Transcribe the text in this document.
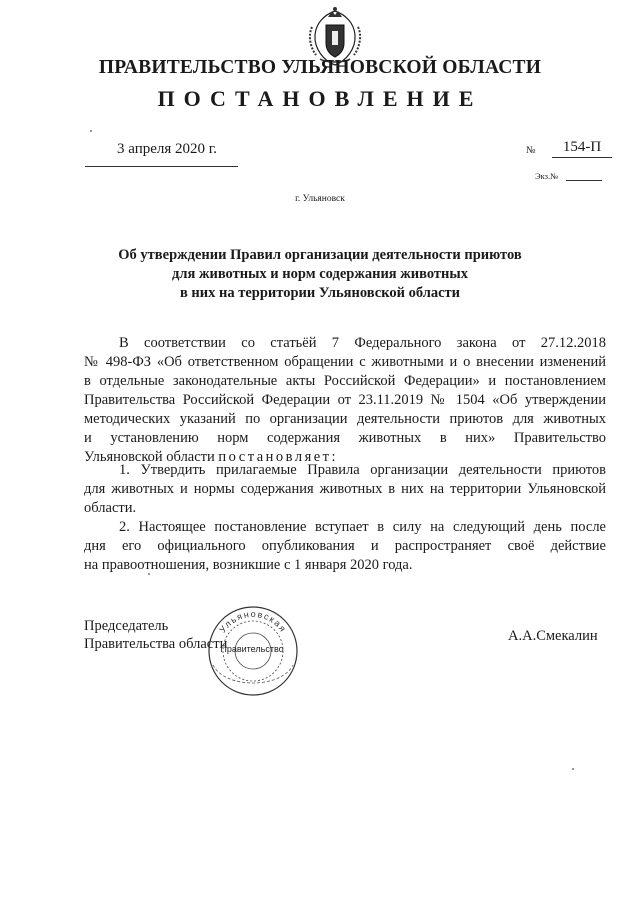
ПРАВИТЕЛЬСТВО УЛЬЯНОВСКОЙ ОБЛАСТИ
ПОСТАНОВЛЕНИЕ
3 апреля 2020 г.	№	154-П
Экз.№
г. Ульяновск
Об утверждении Правил организации деятельности приютов
для животных и норм содержания животных
в них на территории Ульяновской области
В соответствии со статьёй 7 Федерального закона от 27.12.2018
№ 498-ФЗ «Об ответственном обращении с животными и о внесении изменений
в отдельные законодательные акты Российской Федерации» и постановлением
Правительства Российской Федерации от 23.11.2019 № 1504 «Об утверждении
методических указаний по организации деятельности приютов для животных
и установлению норм содержания животных в них» Правительство
Ульяновской области постановляет:
1. Утвердить прилагаемые Правила организации деятельности приютов
для животных и нормы содержания животных в них на территории Ульяновской
области.
2. Настоящее постановление вступает в силу на следующий день после
дня его официального опубликования и распространяет своё действие
на правоотношения, возникшие с 1 января 2020 года.
Председатель
Правительства области	А.А.Смекалин
Ульяновская
Правительство
